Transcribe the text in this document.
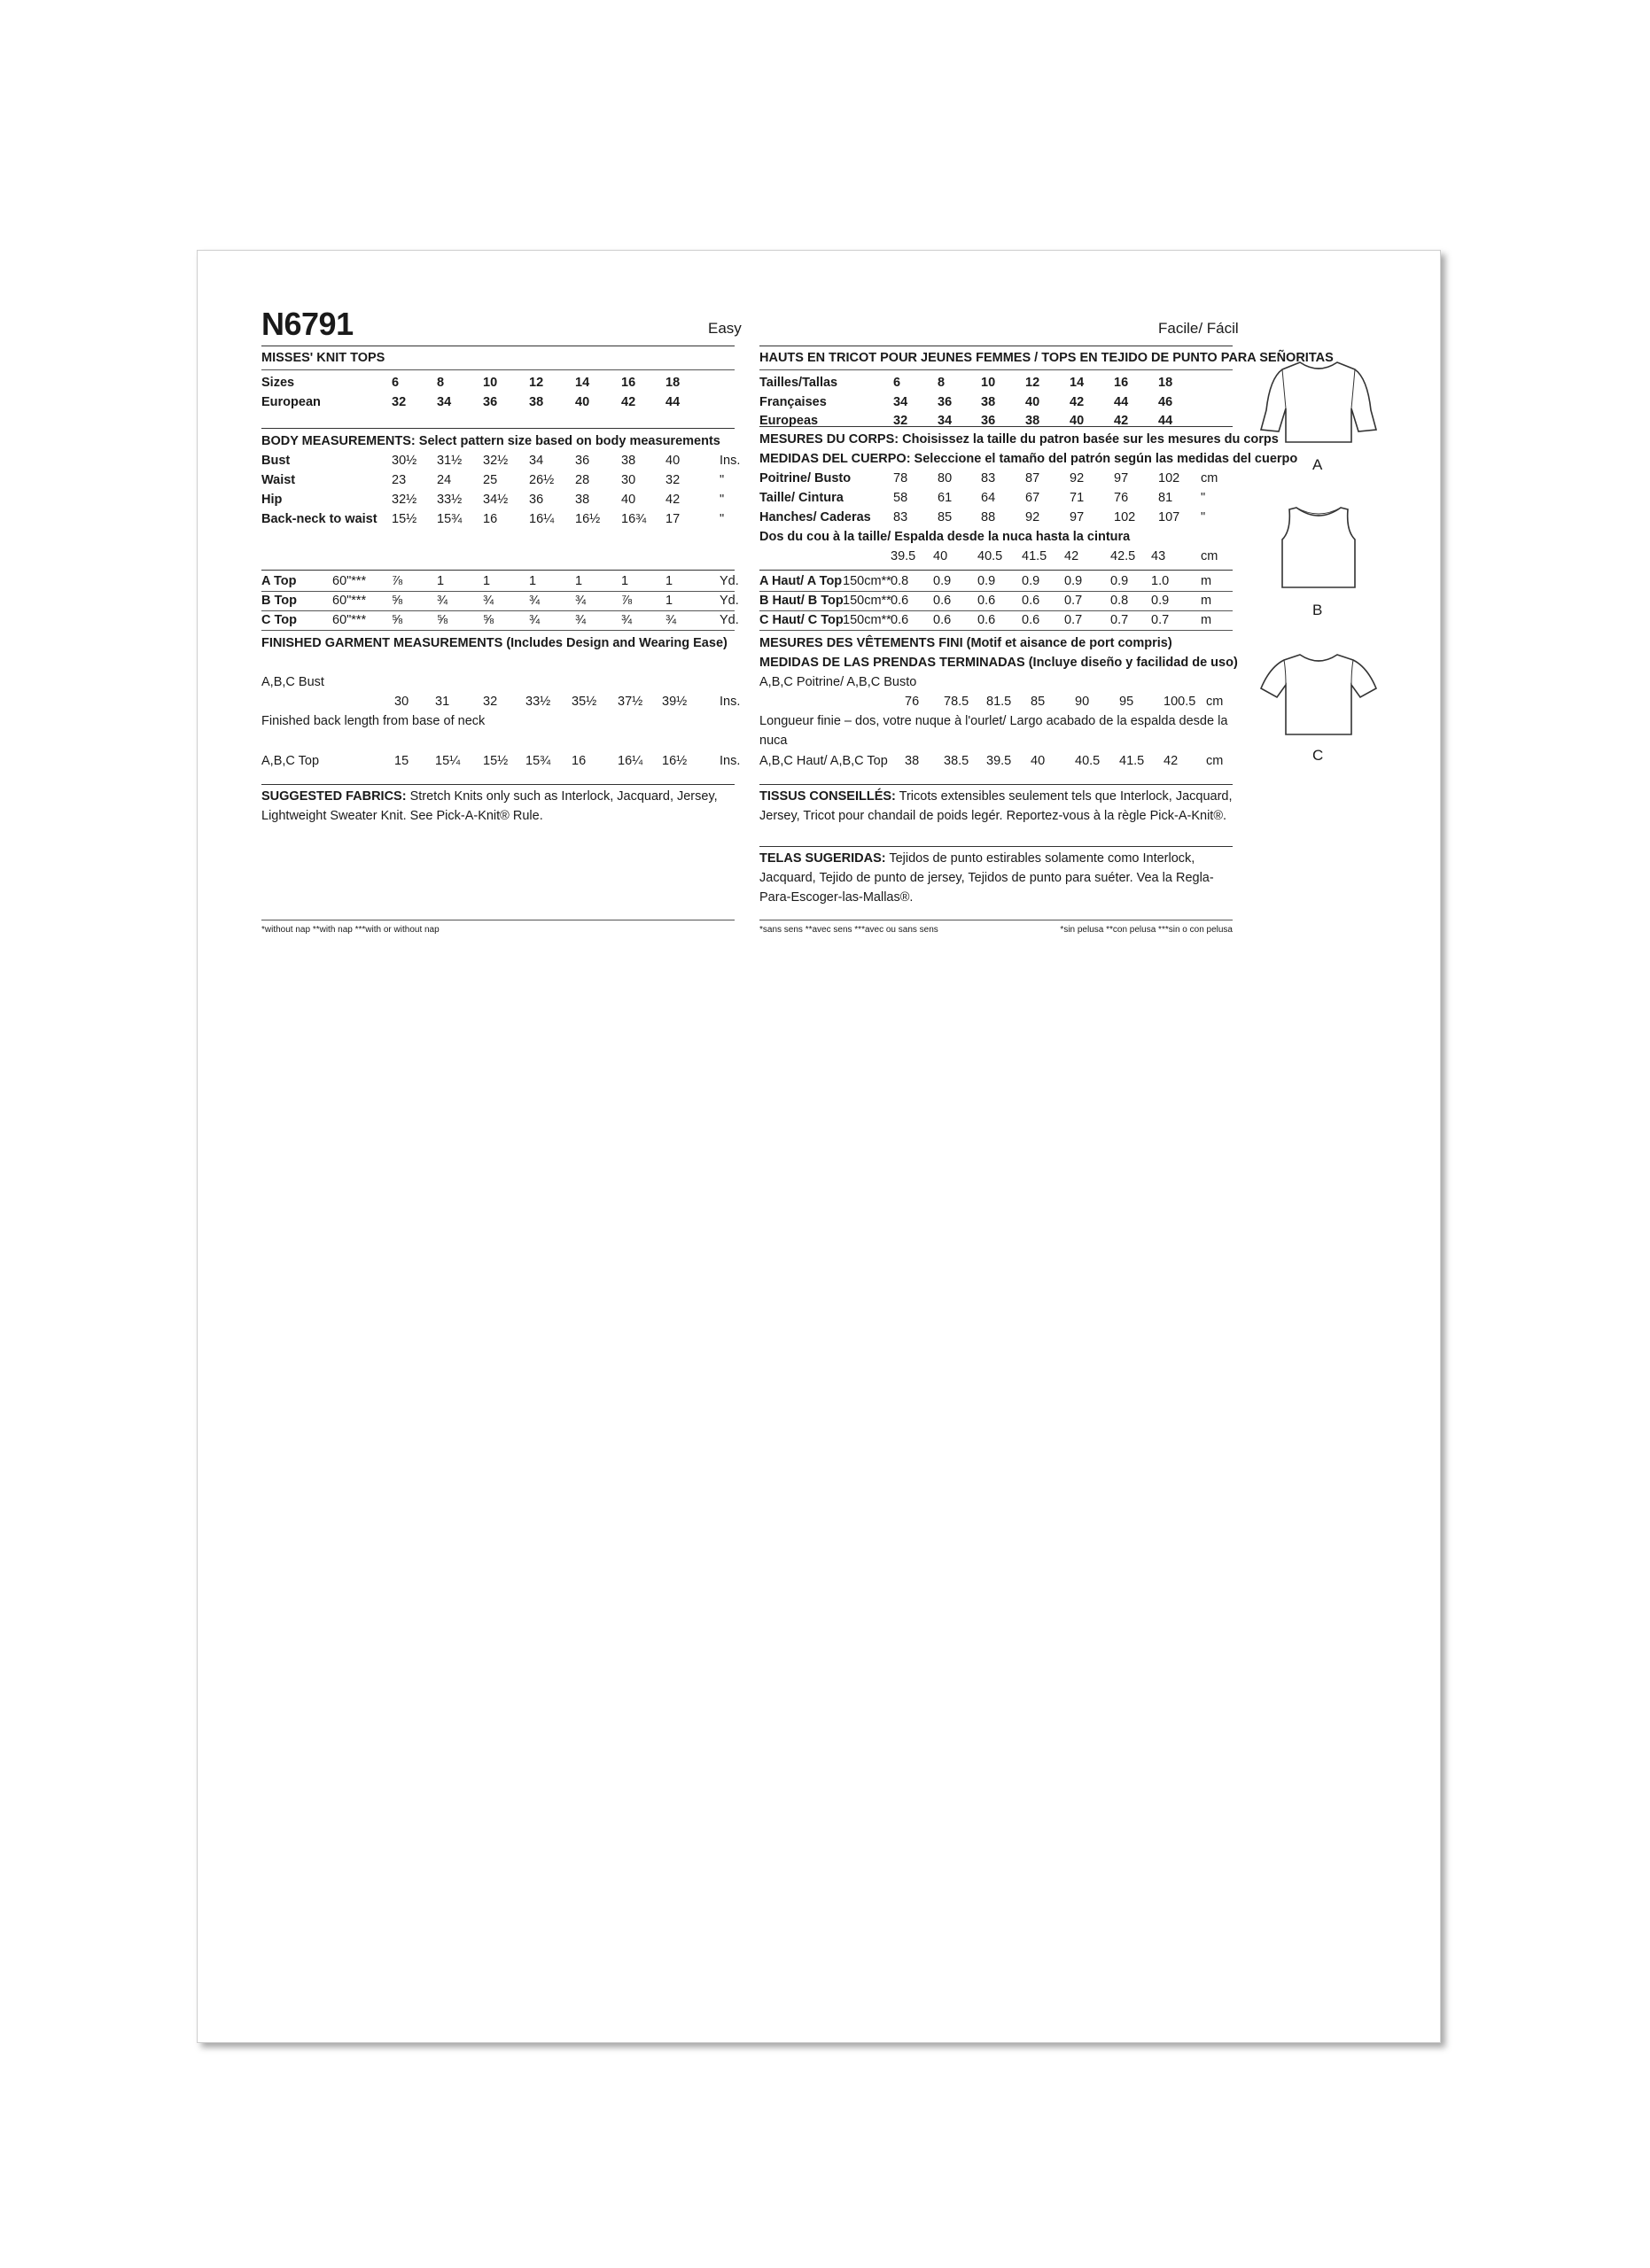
N6791	Easy
MISSES' KNIT TOPS
Sizes	6	8	10 12 14 16 18
European	32 34 36 38 40 42 44
BODY MEASUREMENTS: Select pattern size based on body measurements
Bust	30½ 31½ 32½ 34 36 38 40	Ins.
Waist	23 24 25 26½ 28 30 32	"
Hip	32½ 33½ 34½ 36 38 40 42	"
Back-neck to waist 15½ 15¾ 16 16¼ 16½ 16¾ 17	"
A Top	60"*** ⅞	1	1	1	1	1	1	Yd.
B Top	60"*** ⅝	¾	¾	¾	¾	⅞	1	Yd.
C Top	60"*** ⅝	⅝	⅝	¾	¾	¾	¾	Yd.
FINISHED GARMENT MEASUREMENTS (Includes Design and Wearing Ease)
A,B,C Bust
30 31	32 33½ 35½ 37½ 39½	Ins.
Finished back length from base of neck
A,B,C Top	15 15¼ 15½ 15¾ 16 16¼ 16½	Ins.
SUGGESTED FABRICS: Stretch Knits only such as Interlock, Jacquard, Jersey, Lightweight Sweater Knit. See Pick-A-Knit® Rule.
*without nap **with nap ***with or without nap
Facile/ Fácil
HAUTS EN TRICOT POUR JEUNES FEMMES / TOPS EN TEJIDO DE PUNTO PARA SEÑORITAS
Tailles/Tallas	6	8	10 12 14 16 18
Françaises	34 36 38 40 42 44 46
Europeas	32 34 36 38 40 42 44
MESURES DU CORPS: Choisissez la taille du patron basée sur les mesures du corps
MEDIDAS DEL CUERPO: Seleccione el tamaño del patrón según las medidas del cuerpo
Poitrine/ Busto	78 80 83 87 92 97 102 cm
Taille/ Cintura	58 61 64 67 71 76 81 "
Hanches/ Caderas 83 85 88 92 97 102 107 "
Dos du cou à la taille/ Espalda desde la nuca hasta la cintura
39.5 40 40.5 41.5 42 42.5 43	cm
A Haut/ A Top 150cm** 0.8 0.9 0.9 0.9 0.9 0.9 1.0 m
B Haut/ B Top 150cm** 0.6 0.6 0.6 0.6 0.7 0.8 0.9 m
C Haut/ C Top 150cm** 0.6 0.6 0.6 0.6 0.7 0.7 0.7 m
MESURES DES VÊTEMENTS FINI (Motif et aisance de port compris)
MEDIDAS DE LAS PRENDAS TERMINADAS (Incluye diseño y facilidad de uso)
A,B,C Poitrine/ A,B,C Busto
76 78.5 81.5 85 90 95 100.5 cm
Longueur finie – dos, votre nuque à l'ourlet/ Largo acabado de la espalda desde la nuca
A,B,C Haut/ A,B,C Top 38 38.5 39.5 40 40.5 41.5 42 cm
TISSUS CONSEILLÉS: Tricots extensibles seulement tels que Interlock, Jacquard, Jersey, Tricot pour chandail de poids legér. Reportez-vous à la règle Pick-A-Knit®.
TELAS SUGERIDAS: Tejidos de punto estirables solamente como Interlock, Jacquard, Tejido de punto de jersey, Tejidos de punto para suéter. Vea la Regla-Para-Escoger-las-Mallas®.
*sans sens **avec sens ***avec ou sans sens	*sin pelusa **con pelusa ***sin o con pelusa
A
B
C
